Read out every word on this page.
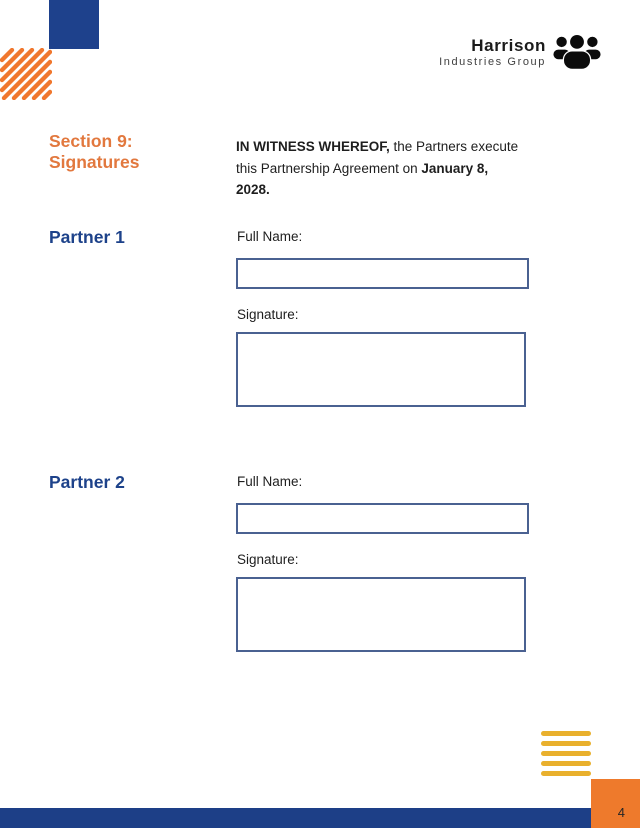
Harrison
Industries Group
Section 9:
Signatures
IN WITNESS WHEREOF, the Partners execute this Partnership Agreement on January 8, 2028.
Partner 1	Full Name:
Signature:
Partner 2	Full Name:
Signature:
4
